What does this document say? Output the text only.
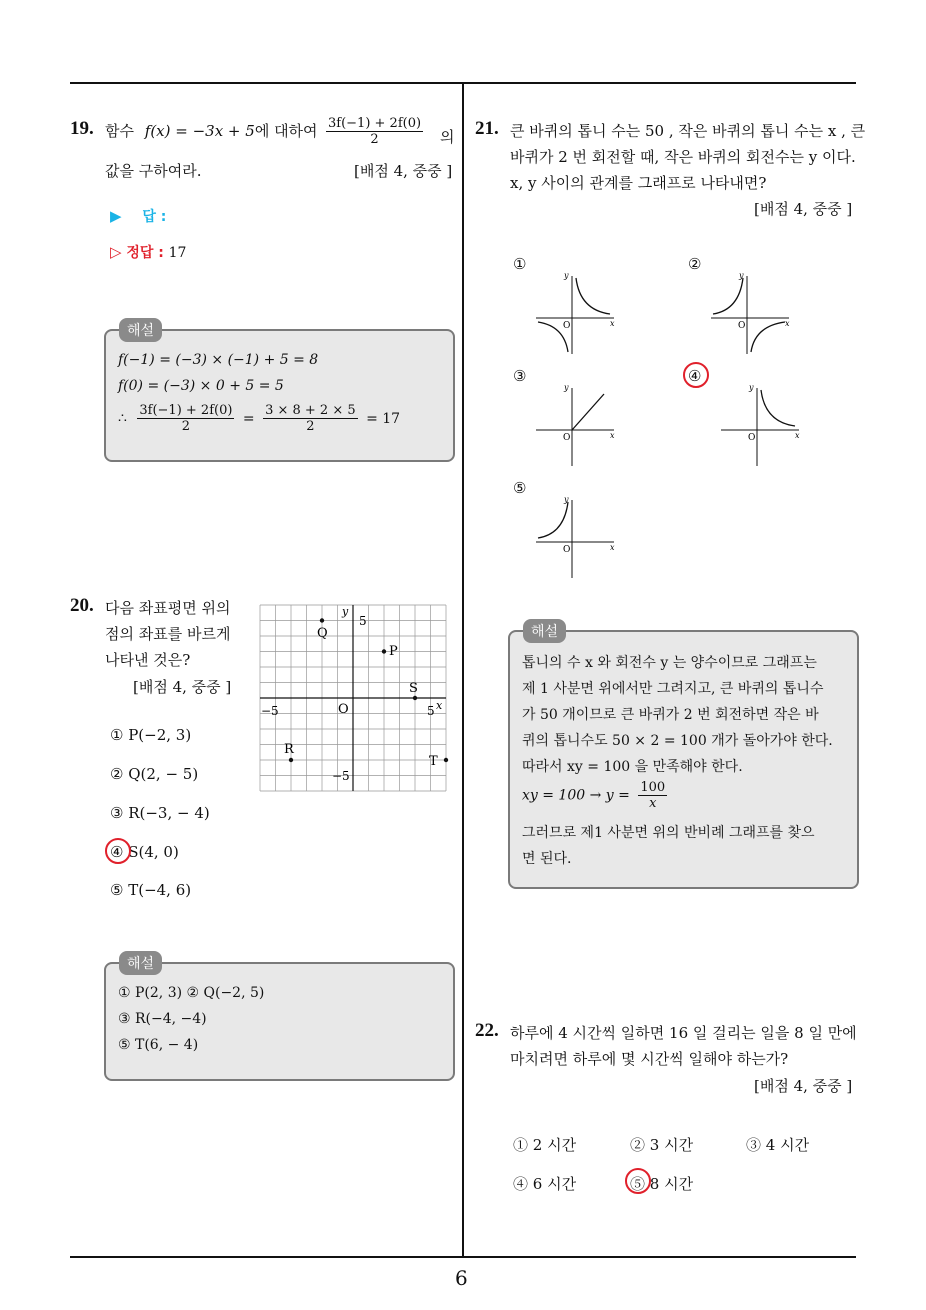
6
19. 함수 f(x) = −3x + 5에 대하여 $\frac{3f(-1) + 2f(0)}{2}$ 의
값을 구하여라.	[배점 4, 중중 ]
▶ 답 :
▷ 정답 : 17
해설
f(−1) = (−3) × (−1) + 5 = 8
f(0) = (−3) × 0 + 5 = 5
∴ $\frac{3f(-1) + 2f(0)}{2} = \frac{3 \times 8 + 2 \times 5}{2} = 17$
20. 다음 좌표평면 위의
점의 좌표를 바르게
나타낸 것은?
[배점 4, 중중 ]
y
x
5
−5	O	5
−5
Q
P
S
R
T
① P(−2, 3)
② Q(2, − 5)
③ R(−3, − 4)
④ S(4, 0)
⑤ T(−4, 6)
해설
① P(2, 3) ② Q(−2, 5)
③ R(−4, −4)
⑤ T(6, − 4)
21. 큰 바퀴의 톱니 수는 50 , 작은 바퀴의 톱니 수는 x , 큰
바퀴가 2 번 회전할 때, 작은 바퀴의 회전수는 y 이다.
x, y 사이의 관계를 그래프로 나타내면?
[배점 4, 중중 ]
①	②
③	④
⑤
y
x
O
y
x
O
y
x
O
y
x
O
y
x
O
해설
톱니의 수 x 와 회전수 y 는 양수이므로 그래프는
제 1 사분면 위에서만 그려지고, 큰 바퀴의 톱니수
가 50 개이므로 큰 바퀴가 2 번 회전하면 작은 바
퀴의 톱니수도 50 × 2 = 100 개가 돌아가야 한다.
따라서 xy = 100 을 만족해야 한다.
xy = $100 \to y = \frac{100}{x}$
그러므로 제1 사분면 위의 반비례 그래프를 찾으
면 된다.
22. 하루에 4 시간씩 일하면 16 일 걸리는 일을 8 일 만에
마치려면 하루에 몇 시간씩 일해야 하는가?
[배점 4, 중중 ]
① 2 시간	② 3 시간	③ 4 시간
④ 6 시간	⑤ 8 시간
